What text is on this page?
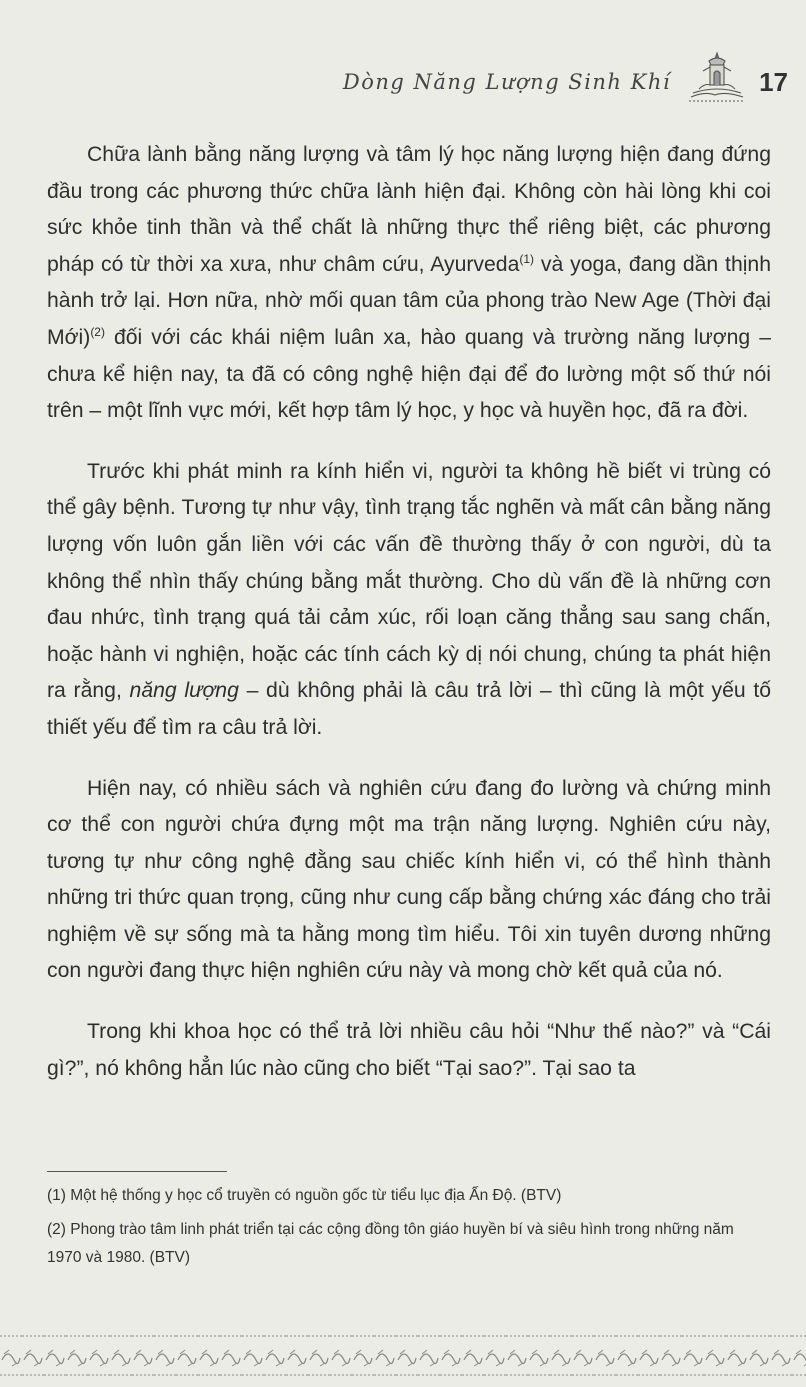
Dòng Năng Lượng Sinh Khí	17

Chữa lành bằng năng lượng và tâm lý học năng lượng hiện đang đứng đầu trong các phương thức chữa lành hiện đại. Không còn hài lòng khi coi sức khỏe tinh thần và thể chất là những thực thể riêng biệt, các phương pháp có từ thời xa xưa, như châm cứu, Ayurveda$^{(1)}$ và yoga, đang dần thịnh hành trở lại. Hơn nữa, nhờ mối quan tâm của phong trào New Age (Thời đại Mới)$^{(2)}$ đối với các khái niệm luân xa, hào quang và trường năng lượng – chưa kể hiện nay, ta đã có công nghệ hiện đại để đo lường một số thứ nói trên – một lĩnh vực mới, kết hợp tâm lý học, y học và huyền học, đã ra đời.

Trước khi phát minh ra kính hiển vi, người ta không hề biết vi trùng có thể gây bệnh. Tương tự như vậy, tình trạng tắc nghẽn và mất cân bằng năng lượng vốn luôn gắn liền với các vấn đề thường thấy ở con người, dù ta không thể nhìn thấy chúng bằng mắt thường. Cho dù vấn đề là những cơn đau nhức, tình trạng quá tải cảm xúc, rối loạn căng thẳng sau sang chấn, hoặc hành vi nghiện, hoặc các tính cách kỳ dị nói chung, chúng ta phát hiện ra rằng, năng lượng – dù không phải là câu trả lời – thì cũng là một yếu tố thiết yếu để tìm ra câu trả lời.

Hiện nay, có nhiều sách và nghiên cứu đang đo lường và chứng minh cơ thể con người chứa đựng một ma trận năng lượng. Nghiên cứu này, tương tự như công nghệ đằng sau chiếc kính hiển vi, có thể hình thành những tri thức quan trọng, cũng như cung cấp bằng chứng xác đáng cho trải nghiệm về sự sống mà ta hằng mong tìm hiểu. Tôi xin tuyên dương những con người đang thực hiện nghiên cứu này và mong chờ kết quả của nó.

Trong khi khoa học có thể trả lời nhiều câu hỏi “Như thế nào?” và “Cái gì?”, nó không hẳn lúc nào cũng cho biết “Tại sao?”. Tại sao ta

(1) Một hệ thống y học cổ truyền có nguồn gốc từ tiểu lục địa Ấn Độ. (BTV)

(2) Phong trào tâm linh phát triển tại các cộng đồng tôn giáo huyền bí và siêu hình trong những năm 1970 và 1980. (BTV)
